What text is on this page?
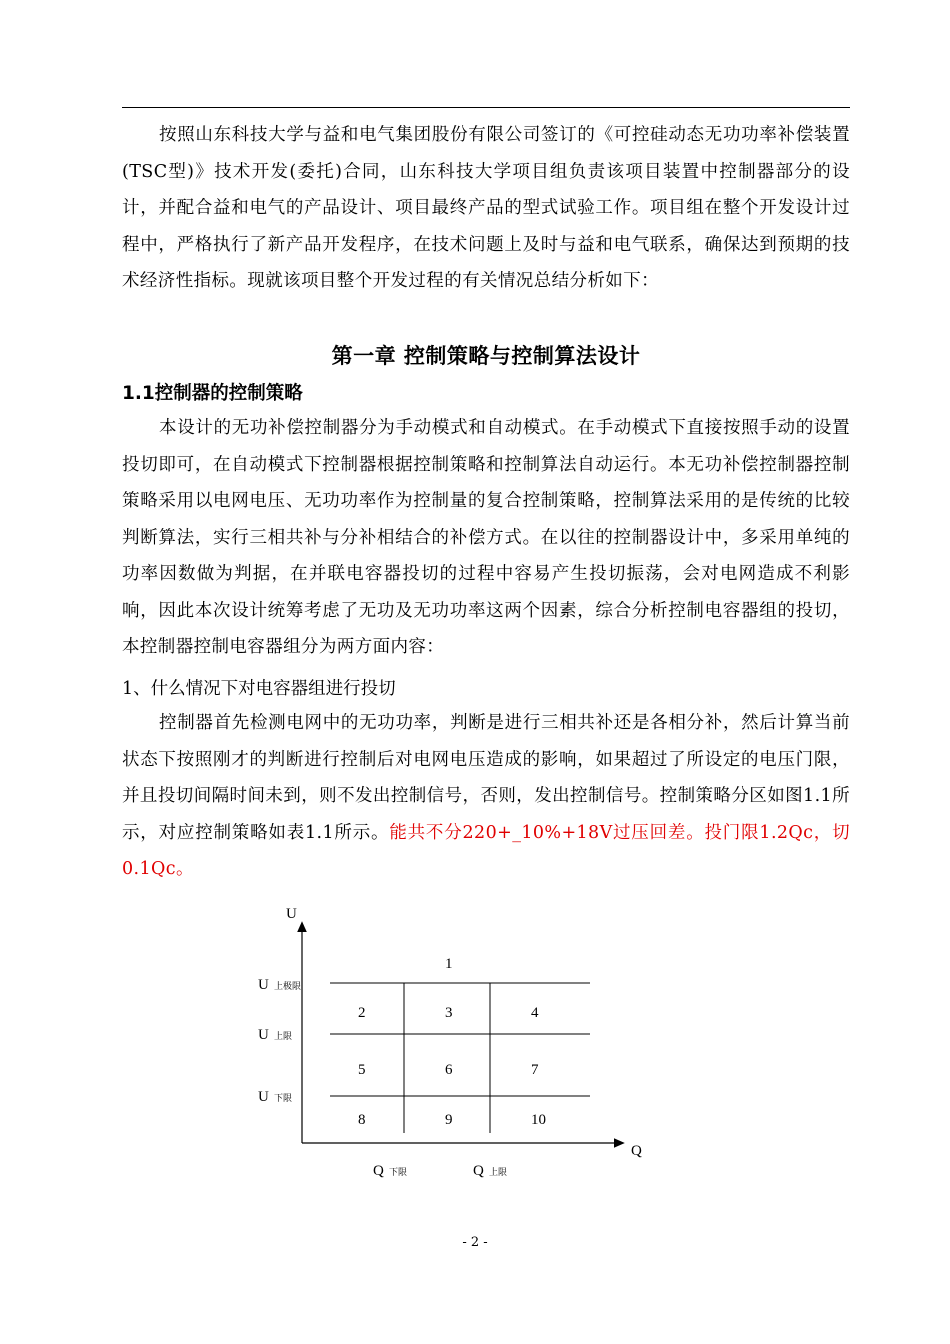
按照山东科技大学与益和电气集团股份有限公司签订的《可控硅动态无功功率补偿装置(TSC型)》技术开发(委托)合同，山东科技大学项目组负责该项目装置中控制器部分的设计，并配合益和电气的产品设计、项目最终产品的型式试验工作。项目组在整个开发设计过程中，严格执行了新产品开发程序，在技术问题上及时与益和电气联系，确保达到预期的技术经济性指标。现就该项目整个开发过程的有关情况总结分析如下：
第一章 控制策略与控制算法设计
1.1控制器的控制策略
本设计的无功补偿控制器分为手动模式和自动模式。在手动模式下直接按照手动的设置投切即可，在自动模式下控制器根据控制策略和控制算法自动运行。本无功补偿控制器控制策略采用以电网电压、无功功率作为控制量的复合控制策略，控制算法采用的是传统的比较判断算法，实行三相共补与分补相结合的补偿方式。在以往的控制器设计中，多采用单纯的功率因数做为判据，在并联电容器投切的过程中容易产生投切振荡，会对电网造成不利影响，因此本次设计统筹考虑了无功及无功功率这两个因素，综合分析控制电容器组的投切，本控制器控制电容器组分为两方面内容：
1、什么情况下对电容器组进行投切
控制器首先检测电网中的无功功率，判断是进行三相共补还是各相分补，然后计算当前状态下按照刚才的判断进行控制后对电网电压造成的影响，如果超过了所设定的电压门限，并且投切间隔时间未到，则不发出控制信号，否则，发出控制信号。控制策略分区如图1.1所示，对应控制策略如表1.1所示。能共不分220+_10%+18V过压回差。投门限1.2Qc，切0.1Qc。
U
Q
U 上极限
U 上限
U 下限
Q 下限	Q 上限
1
2	3	4
5	6	7
8	9	10
- 2 -
